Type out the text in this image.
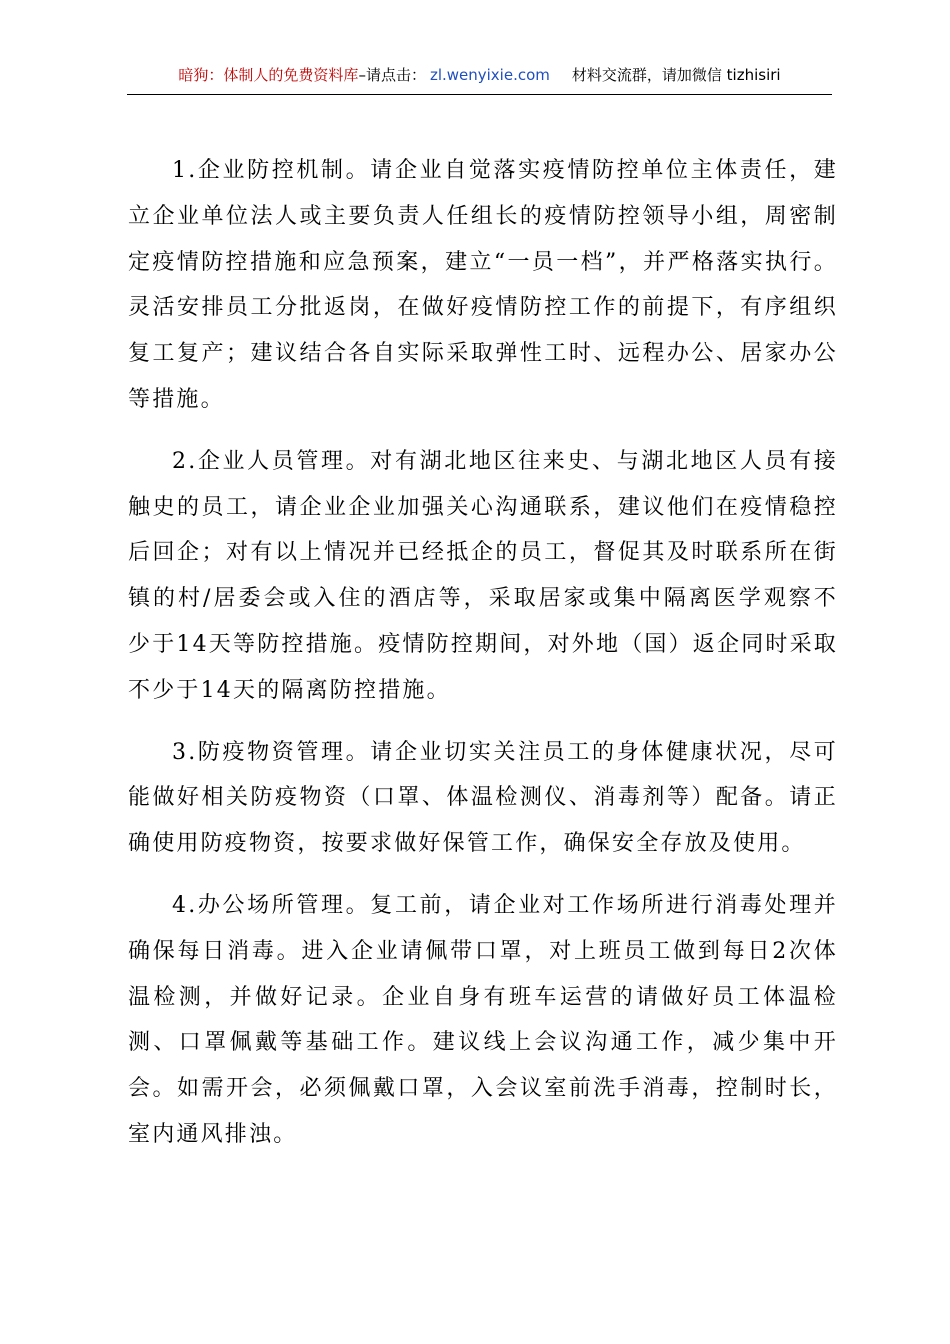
暗狗：体制人的免费资料库–请点击： zl.wenyixie.com 材料交流群，请加微信 tizhisiri

1.企业防控机制。请企业自觉落实疫情防控单位主体责任，建立企业单位法人或主要负责人任组长的疫情防控领导小组，周密制定疫情防控措施和应急预案，建立“一员一档”，并严格落实执行。灵活安排员工分批返岗，在做好疫情防控工作的前提下，有序组织复工复产；建议结合各自实际采取弹性工时、远程办公、居家办公等措施。

2.企业人员管理。对有湖北地区往来史、与湖北地区人员有接触史的员工，请企业企业加强关心沟通联系，建议他们在疫情稳控后回企；对有以上情况并已经抵企的员工，督促其及时联系所在街镇的村/居委会或入住的酒店等，采取居家或集中隔离医学观察不少于14天等防控措施。疫情防控期间，对外地（国）返企同时采取不少于14天的隔离防控措施。

3.防疫物资管理。请企业切实关注员工的身体健康状况，尽可能做好相关防疫物资（口罩、体温检测仪、消毒剂等）配备。请正确使用防疫物资，按要求做好保管工作，确保安全存放及使用。

4.办公场所管理。复工前，请企业对工作场所进行消毒处理并确保每日消毒。进入企业请佩带口罩，对上班员工做到每日2次体温检测，并做好记录。企业自身有班车运营的请做好员工体温检测、口罩佩戴等基础工作。建议线上会议沟通工作，减少集中开会。如需开会，必须佩戴口罩，入会议室前洗手消毒，控制时长，室内通风排浊。
